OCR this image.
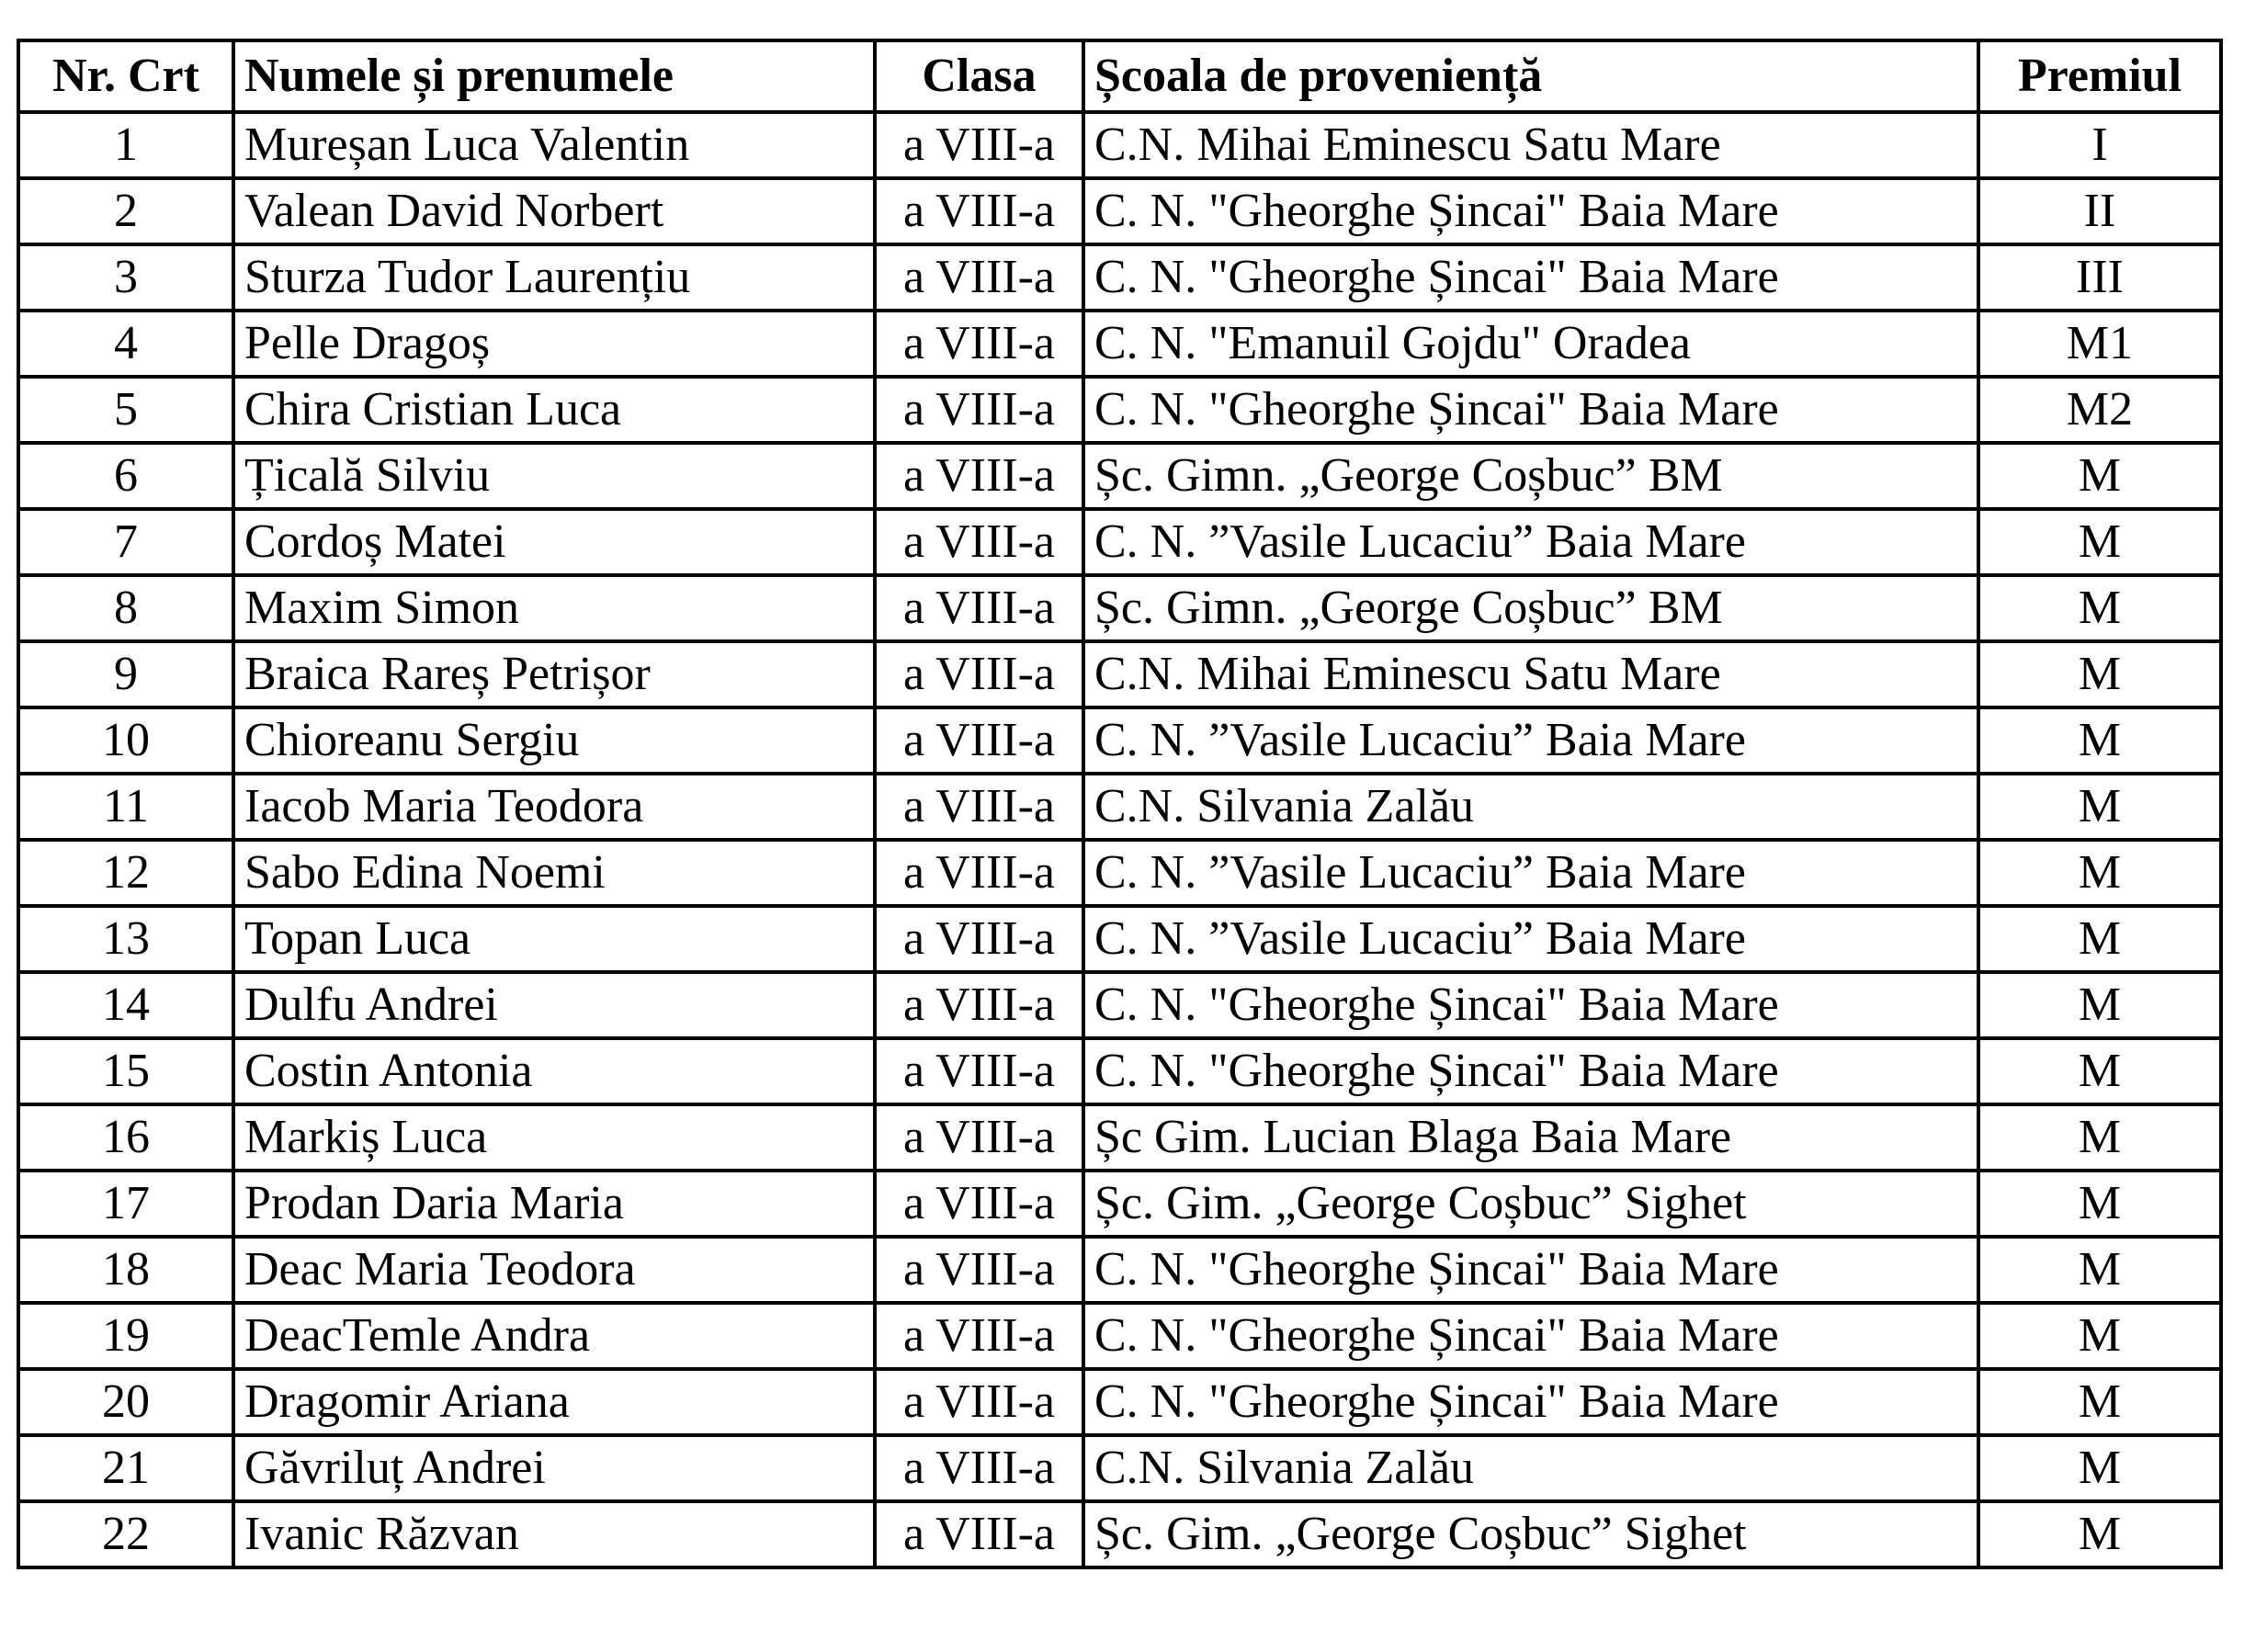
Nr. Crt	Numele și prenumele	Clasa	Școala de proveniență	Premiul
1	Mureșan Luca Valentin	a VIII-a	C.N. Mihai Eminescu Satu Mare	I
2	Valean David Norbert	a VIII-a	C. N. "Gheorghe Șincai" Baia Mare	II
3	Sturza Tudor Laurențiu	a VIII-a	C. N. "Gheorghe Șincai" Baia Mare	III
4	Pelle Dragoș	a VIII-a	C. N. "Emanuil Gojdu" Oradea	M1
5	Chira Cristian Luca	a VIII-a	C. N. "Gheorghe Șincai" Baia Mare	M2
6	Țicală Silviu	a VIII-a	Șc. Gimn. „George Coșbuc” BM	M
7	Cordoș Matei	a VIII-a	C. N. ”Vasile Lucaciu” Baia Mare	M
8	Maxim Simon	a VIII-a	Șc. Gimn. „George Coșbuc” BM	M
9	Braica Rareș Petrișor	a VIII-a	C.N. Mihai Eminescu Satu Mare	M
10	Chioreanu Sergiu	a VIII-a	C. N. ”Vasile Lucaciu” Baia Mare	M
11	Iacob Maria Teodora	a VIII-a	C.N. Silvania Zalău	M
12	Sabo Edina Noemi	a VIII-a	C. N. ”Vasile Lucaciu” Baia Mare	M
13	Topan Luca	a VIII-a	C. N. ”Vasile Lucaciu” Baia Mare	M
14	Dulfu Andrei	a VIII-a	C. N. "Gheorghe Șincai" Baia Mare	M
15	Costin Antonia	a VIII-a	C. N. "Gheorghe Șincai" Baia Mare	M
16	Markiș Luca	a VIII-a	Șc Gim. Lucian Blaga Baia Mare	M
17	Prodan Daria Maria	a VIII-a	Șc. Gim. „George Coșbuc” Sighet	M
18	Deac Maria Teodora	a VIII-a	C. N. "Gheorghe Șincai" Baia Mare	M
19	DeacTemle Andra	a VIII-a	C. N. "Gheorghe Șincai" Baia Mare	M
20	Dragomir Ariana	a VIII-a	C. N. "Gheorghe Șincai" Baia Mare	M
21	Găvriluț Andrei	a VIII-a	C.N. Silvania Zalău	M
22	Ivanic Răzvan	a VIII-a	Șc. Gim. „George Coșbuc” Sighet	M
